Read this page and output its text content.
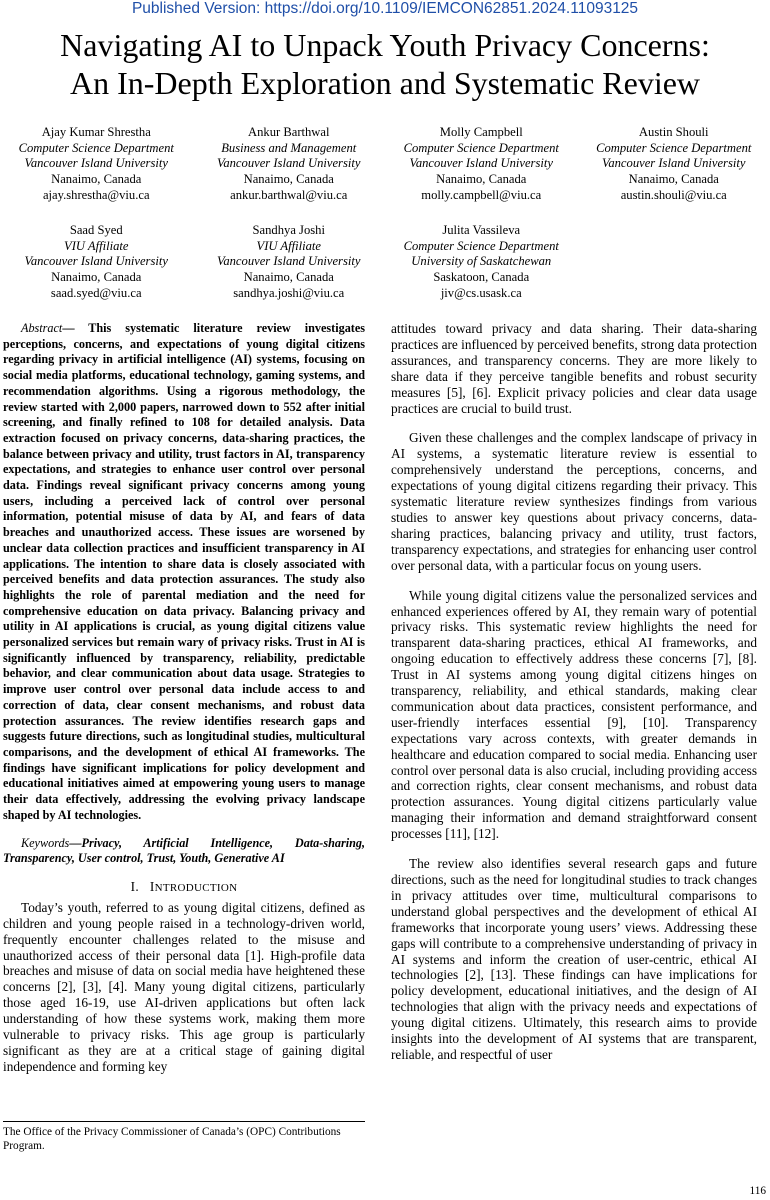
Published Version: https://doi.org/10.1109/IEMCON62851.2024.11093125
Navigating AI to Unpack Youth Privacy Concerns:
An In-Depth Exploration and Systematic Review
Ajay Kumar Shrestha
Computer Science Department
Vancouver Island University
Nanaimo, Canada
ajay.shrestha@viu.ca
Ankur Barthwal
Business and Management
Vancouver Island University
Nanaimo, Canada
ankur.barthwal@viu.ca
Molly Campbell
Computer Science Department
Vancouver Island University
Nanaimo, Canada
molly.campbell@viu.ca
Austin Shouli
Computer Science Department
Vancouver Island University
Nanaimo, Canada
austin.shouli@viu.ca
Saad Syed
VIU Affiliate
Vancouver Island University
Nanaimo, Canada
saad.syed@viu.ca
Sandhya Joshi
VIU Affiliate
Vancouver Island University
Nanaimo, Canada
sandhya.joshi@viu.ca
Julita Vassileva
Computer Science Department
University of Saskatchewan
Saskatoon, Canada
jiv@cs.usask.ca

Abstract— This systematic literature review investigates perceptions, concerns, and expectations of young digital citizens regarding privacy in artificial intelligence (AI) systems, focusing on social media platforms, educational technology, gaming systems, and recommendation algorithms. Using a rigorous methodology, the review started with 2,000 papers, narrowed down to 552 after initial screening, and finally refined to 108 for detailed analysis. Data extraction focused on privacy concerns, data-sharing practices, the balance between privacy and utility, trust factors in AI, transparency expectations, and strategies to enhance user control over personal data. Findings reveal significant privacy concerns among young users, including a perceived lack of control over personal information, potential misuse of data by AI, and fears of data breaches and unauthorized access. These issues are worsened by unclear data collection practices and insufficient transparency in AI applications. The intention to share data is closely associated with perceived benefits and data protection assurances. The study also highlights the role of parental mediation and the need for comprehensive education on data privacy. Balancing privacy and utility in AI applications is crucial, as young digital citizens value personalized services but remain wary of privacy risks. Trust in AI is significantly influenced by transparency, reliability, predictable behavior, and clear communication about data usage. Strategies to improve user control over personal data include access to and correction of data, clear consent mechanisms, and robust data protection assurances. The review identifies research gaps and suggests future directions, such as longitudinal studies, multicultural comparisons, and the development of ethical AI frameworks. The findings have significant implications for policy development and educational initiatives aimed at empowering young users to manage their data effectively, addressing the evolving privacy landscape shaped by AI technologies.

Keywords—Privacy, Artificial Intelligence, Data-sharing, Transparency, User control, Trust, Youth, Generative AI

I. INTRODUCTION

Today’s youth, referred to as young digital citizens, defined as children and young people raised in a technology-driven world, frequently encounter challenges related to the misuse and unauthorized access of their personal data [1]. High-profile data breaches and misuse of data on social media have heightened these concerns [2], [3], [4]. Many young digital citizens, particularly those aged 16-19, use AI-driven applications but often lack understanding of how these systems work, making them more vulnerable to privacy risks. This age group is particularly significant as they are at a critical stage of gaining digital independence and forming key

attitudes toward privacy and data sharing. Their data-sharing practices are influenced by perceived benefits, strong data protection assurances, and transparency concerns. They are more likely to share data if they perceive tangible benefits and robust security measures [5], [6]. Explicit privacy policies and clear data usage practices are crucial to build trust.

Given these challenges and the complex landscape of privacy in AI systems, a systematic literature review is essential to comprehensively understand the perceptions, concerns, and expectations of young digital citizens regarding their privacy. This systematic literature review synthesizes findings from various studies to answer key questions about privacy concerns, data-sharing practices, balancing privacy and utility, trust factors, transparency expectations, and strategies for enhancing user control over personal data, with a particular focus on young users.

While young digital citizens value the personalized services and enhanced experiences offered by AI, they remain wary of potential privacy risks. This systematic review highlights the need for transparent data-sharing practices, ethical AI frameworks, and ongoing education to effectively address these concerns [7], [8]. Trust in AI systems among young digital citizens hinges on transparency, reliability, and ethical standards, making clear communication about data practices, consistent performance, and user-friendly interfaces essential [9], [10]. Transparency expectations vary across contexts, with greater demands in healthcare and education compared to social media. Enhancing user control over personal data is also crucial, including providing access and correction rights, clear consent mechanisms, and robust data protection assurances. Young digital citizens particularly value managing their information and demand straightforward consent processes [11], [12].

The review also identifies several research gaps and future directions, such as the need for longitudinal studies to track changes in privacy attitudes over time, multicultural comparisons to understand global perspectives and the development of ethical AI frameworks that incorporate young users’ views. Addressing these gaps will contribute to a comprehensive understanding of privacy in AI systems and inform the creation of user-centric, ethical AI technologies [2], [13]. These findings can have implications for policy development, educational initiatives, and the design of AI technologies that align with the privacy needs and expectations of young digital citizens. Ultimately, this research aims to provide insights into the development of AI systems that are transparent, reliable, and respectful of user

The Office of the Privacy Commissioner of Canada’s (OPC) Contributions Program.
116
